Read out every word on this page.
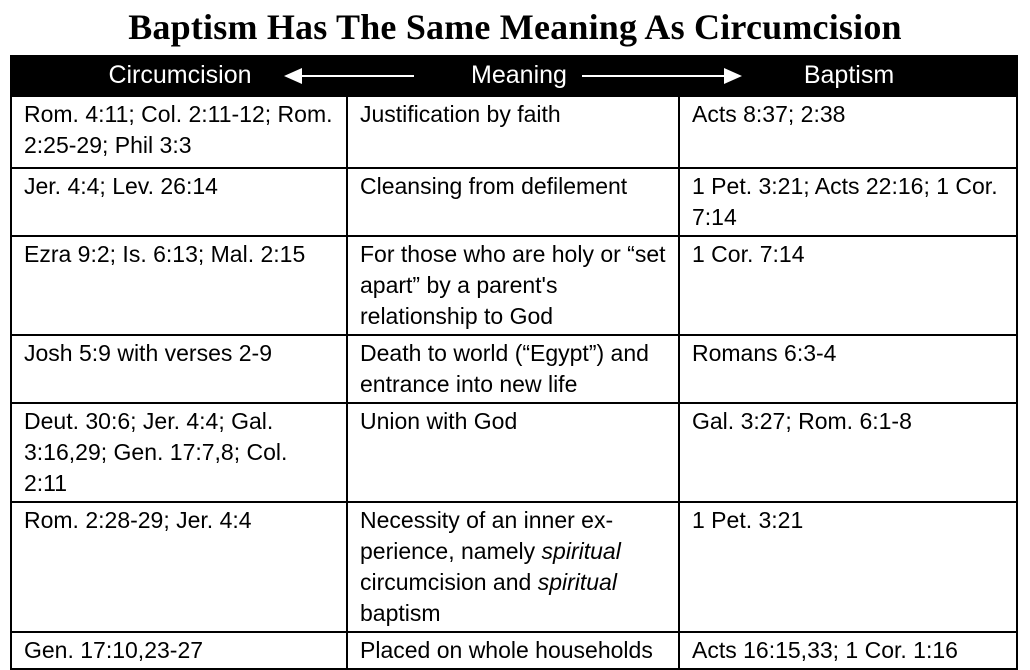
Baptism Has The Same Meaning As Circumcision
Circumcision Meaning Baptism		

Rom. 4:11; Col. 2:11-12; Rom. 2:25-29; Phil 3:3	Justification by faith	Acts 8:37; 2:38
Jer. 4:4; Lev. 26:14	Cleansing from defilement	1 Pet. 3:21; Acts 22:16; 1 Cor. 7:14
Ezra 9:2; Is. 6:13; Mal. 2:15	For those who are holy or “set apart” by a parent's relationship to God	1 Cor. 7:14
Josh 5:9 with verses 2-9	Death to world (“Egypt”) and entrance into new life	Romans 6:3-4
Deut. 30:6; Jer. 4:4; Gal. 3:16,29; Gen. 17:7,8; Col. 2:11	Union with God	Gal. 3:27; Rom. 6:1-8
Rom. 2:28-29; Jer. 4:4	Necessity of an inner ex-perience, namely spiritual circumcision and spiritual baptism	1 Pet. 3:21
Gen. 17:10,23-27	Placed on whole households	Acts 16:15,33; 1 Cor. 1:16
